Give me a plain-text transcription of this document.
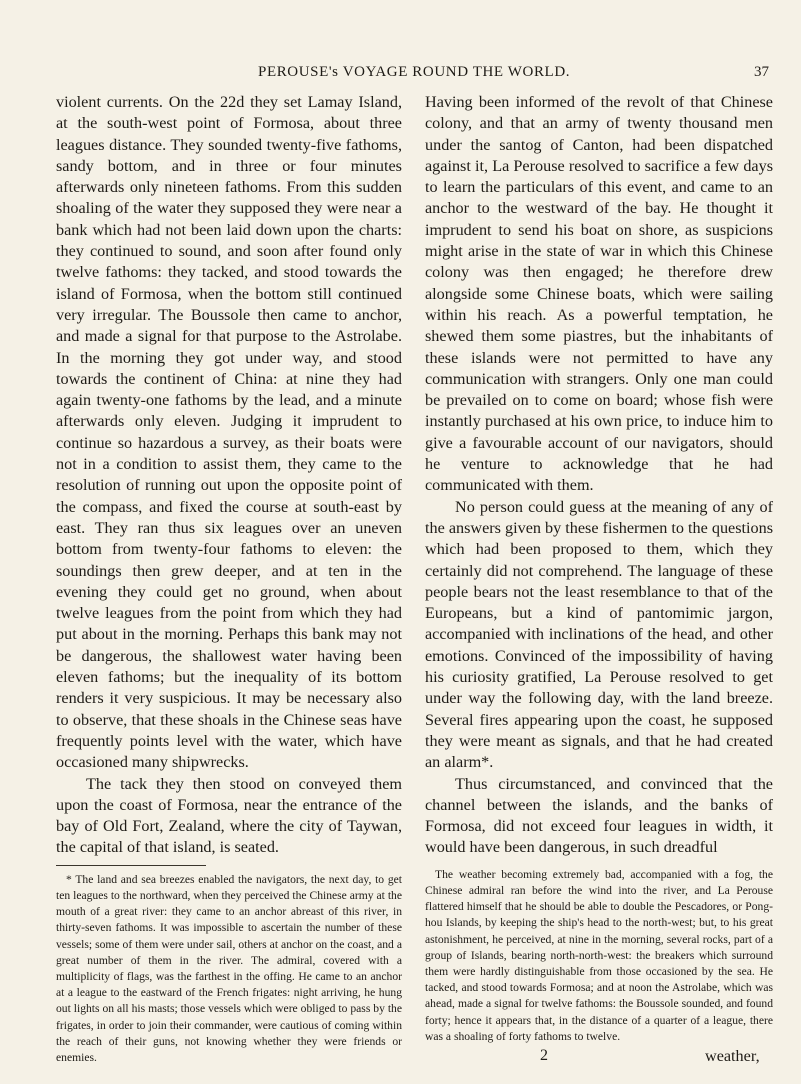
PEROUSE's VOYAGE ROUND THE WORLD.	37

violent currents. On the 22d they set Lamay Island, at the south-west point of Formosa, about three leagues distance. They sounded twenty-five fathoms, sandy bottom, and in three or four minutes afterwards only nineteen fathoms. From this sudden shoaling of the water they supposed they were near a bank which had not been laid down upon the charts: they continued to sound, and soon after found only twelve fathoms: they tacked, and stood towards the island of Formosa, when the bottom still continued very irregular. The Boussole then came to anchor, and made a signal for that purpose to the Astrolabe. In the morning they got under way, and stood towards the continent of China: at nine they had again twenty-one fathoms by the lead, and a minute afterwards only eleven. Judging it imprudent to continue so hazardous a survey, as their boats were not in a condition to assist them, they came to the resolution of running out upon the opposite point of the compass, and fixed the course at south-east by east. They ran thus six leagues over an uneven bottom from twenty-four fathoms to eleven: the soundings then grew deeper, and at ten in the evening they could get no ground, when about twelve leagues from the point from which they had put about in the morning. Perhaps this bank may not be dangerous, the shallowest water having been eleven fathoms; but the inequality of its bottom renders it very suspicious. It may be necessary also to observe, that these shoals in the Chinese seas have frequently points level with the water, which have occasioned many shipwrecks.

The tack they then stood on conveyed them upon the coast of Formosa, near the entrance of the bay of Old Fort, Zealand, where the city of Taywan, the capital of that island, is seated.

* The land and sea breezes enabled the navigators, the next day, to get ten leagues to the northward, when they perceived the Chinese army at the mouth of a great river: they came to an anchor abreast of this river, in thirty-seven fathoms. It was impossible to ascertain the number of these vessels; some of them were under sail, others at anchor on the coast, and a great number of them in the river. The admiral, covered with a multiplicity of flags, was the farthest in the offing. He came to an anchor at a league to the eastward of the French frigates: night arriving, he hung out lights on all his masts; those vessels which were obliged to pass by the frigates, in order to join their commander, were cautious of coming within the reach of their guns, not knowing whether they were friends or enemies.

Having been informed of the revolt of that Chinese colony, and that an army of twenty thousand men under the santog of Canton, had been dispatched against it, La Perouse resolved to sacrifice a few days to learn the particulars of this event, and came to an anchor to the westward of the bay. He thought it imprudent to send his boat on shore, as suspicions might arise in the state of war in which this Chinese colony was then engaged; he therefore drew alongside some Chinese boats, which were sailing within his reach. As a powerful temptation, he shewed them some piastres, but the inhabitants of these islands were not permitted to have any communication with strangers. Only one man could be prevailed on to come on board; whose fish were instantly purchased at his own price, to induce him to give a favourable account of our navigators, should he venture to acknowledge that he had communicated with them.

No person could guess at the meaning of any of the answers given by these fishermen to the questions which had been proposed to them, which they certainly did not comprehend. The language of these people bears not the least resemblance to that of the Europeans, but a kind of pantomimic jargon, accompanied with inclinations of the head, and other emotions. Convinced of the impossibility of having his curiosity gratified, La Perouse resolved to get under way the following day, with the land breeze. Several fires appearing upon the coast, he supposed they were meant as signals, and that he had created an alarm*.

Thus circumstanced, and convinced that the channel between the islands, and the banks of Formosa, did not exceed four leagues in width, it would have been dangerous, in such dreadful

The weather becoming extremely bad, accompanied with a fog, the Chinese admiral ran before the wind into the river, and La Perouse flattered himself that he should be able to double the Pescadores, or Pong-hou Islands, by keeping the ship's head to the north-west; but, to his great astonishment, he perceived, at nine in the morning, several rocks, part of a group of Islands, bearing north-north-west: the breakers which surround them were hardly distinguishable from those occasioned by the sea. He tacked, and stood towards Formosa; and at noon the Astrolabe, which was ahead, made a signal for twelve fathoms: the Boussole sounded, and found forty; hence it appears that, in the distance of a quarter of a league, there was a shoaling of forty fathoms to twelve.

2	weather,
